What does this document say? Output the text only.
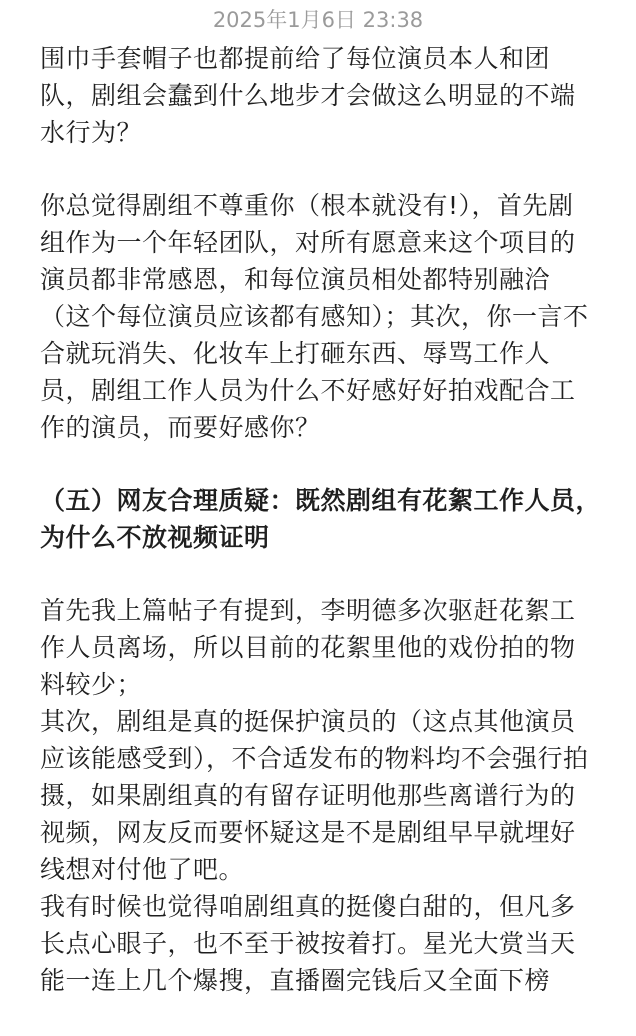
2025年1月6日 23:38
围巾手套帽子也都提前给了每位演员本人和团
队，剧组会蠢到什么地步才会做这么明显的不端
水行为？
你总觉得剧组不尊重你（根本就没有!），首先剧
组作为一个年轻团队，对所有愿意来这个项目的
演员都非常感恩，和每位演员相处都特别融洽
（这个每位演员应该都有感知）；其次，你一言不
合就玩消失、化妆车上打砸东西、辱骂工作人
员，剧组工作人员为什么不好感好好拍戏配合工
作的演员，而要好感你？
（五）网友合理质疑：既然剧组有花絮工作人员，
为什么不放视频证明
首先我上篇帖子有提到，李明德多次驱赶花絮工
作人员离场，所以目前的花絮里他的戏份拍的物
料较少；
其次，剧组是真的挺保护演员的（这点其他演员
应该能感受到），不合适发布的物料均不会强行拍
摄，如果剧组真的有留存证明他那些离谱行为的
视频，网友反而要怀疑这是不是剧组早早就埋好
线想对付他了吧。
我有时候也觉得咱剧组真的挺傻白甜的，但凡多
长点心眼子，也不至于被按着打。星光大赏当天
能一连上几个爆搜，直播圈完钱后又全面下榜
